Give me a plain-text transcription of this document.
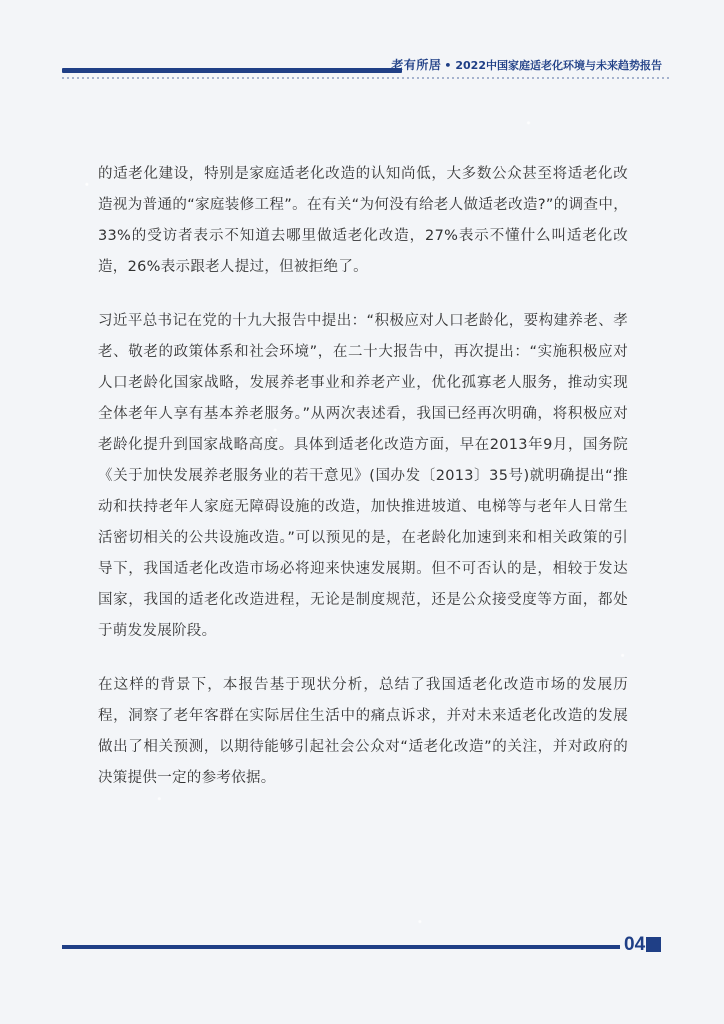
老有所居 • 2022中国家庭适老化环境与未来趋势报告

的适老化建设，特别是家庭适老化改造的认知尚低，大多数公众甚至将适老化改造视为普通的“家庭装修工程”。在有关“为何没有给老人做适老改造?”的调查中，33%的受访者表示不知道去哪里做适老化改造，27%表示不懂什么叫适老化改造，26%表示跟老人提过，但被拒绝了。

习近平总书记在党的十九大报告中提出：“积极应对人口老龄化，要构建养老、孝老、敬老的政策体系和社会环境”，在二十大报告中，再次提出：“实施积极应对人口老龄化国家战略，发展养老事业和养老产业，优化孤寡老人服务，推动实现全体老年人享有基本养老服务。”从两次表述看，我国已经再次明确，将积极应对老龄化提升到国家战略高度。具体到适老化改造方面，早在2013年9月，国务院《关于加快发展养老服务业的若干意见》(国办发〔2013〕35号)就明确提出“推动和扶持老年人家庭无障碍设施的改造，加快推进坡道、电梯等与老年人日常生活密切相关的公共设施改造。”可以预见的是，在老龄化加速到来和相关政策的引导下，我国适老化改造市场必将迎来快速发展期。但不可否认的是，相较于发达国家，我国的适老化改造进程，无论是制度规范，还是公众接受度等方面，都处于萌发发展阶段。

在这样的背景下，本报告基于现状分析，总结了我国适老化改造市场的发展历程，洞察了老年客群在实际居住生活中的痛点诉求，并对未来适老化改造的发展做出了相关预测，以期待能够引起社会公众对“适老化改造”的关注，并对政府的决策提供一定的参考依据。

04
